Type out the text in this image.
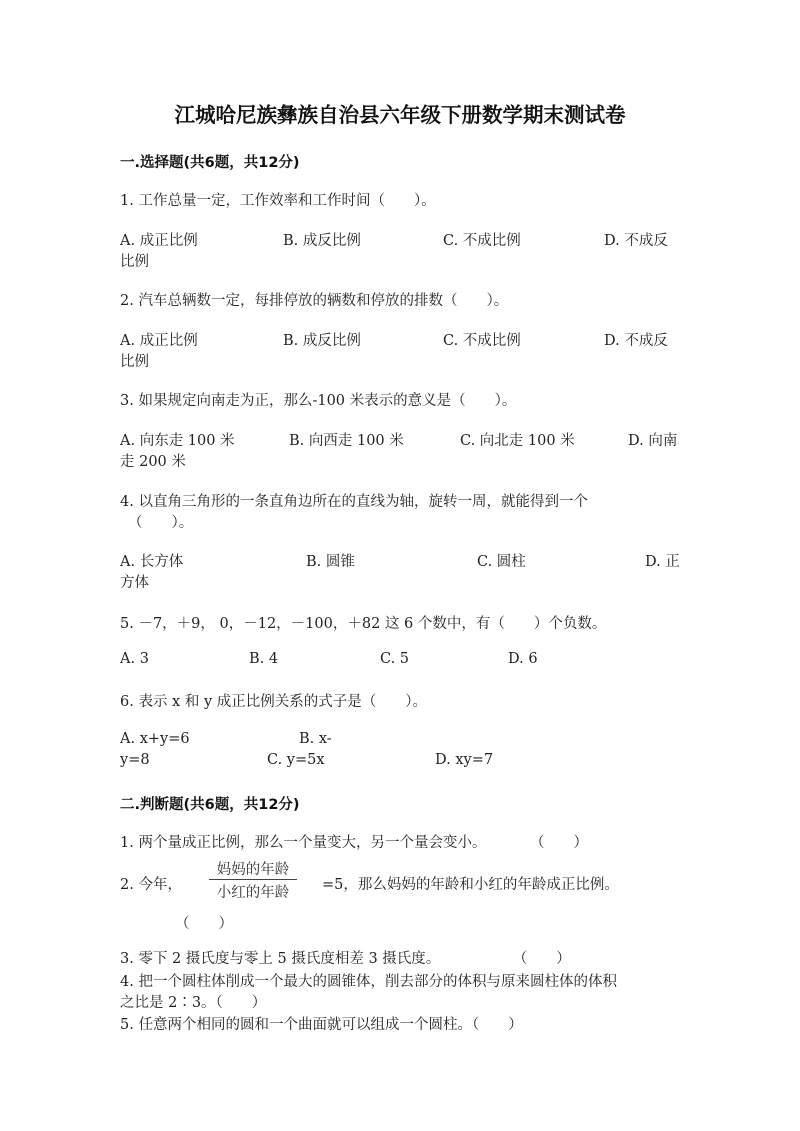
江城哈尼族彝族自治县六年级下册数学期末测试卷
一.选择题(共6题，共12分)
1. 工作总量一定，工作效率和工作时间（　　）。
A. 成正比例	B. 成反比例	C. 不成比例	D. 不成反
比例
2. 汽车总辆数一定，每排停放的辆数和停放的排数（　　）。
A. 成正比例	B. 成反比例	C. 不成比例	D. 不成反
比例
3. 如果规定向南走为正，那么-100 米表示的意义是（　　）。
A. 向东走 100 米	B. 向西走 100 米	C. 向北走 100 米	D. 向南
走 200 米
4. 以直角三角形的一条直角边所在的直线为轴，旋转一周，就能得到一个
（　　）。
A. 长方体	B. 圆锥	C. 圆柱	D. 正
方体
5. －7，＋9， 0，－12，－100，＋82 这 6 个数中，有（　　）个负数。
A. 3	B. 4	C. 5	D. 6
6. 表示 x 和 y 成正比例关系的式子是（　　）。
A. x+y=6	B. x-
y=8	C. y=5x	D. xy=7
二.判断题(共6题，共12分)
1. 两个量成正比例，那么一个量变大，另一个量会变小。　　　　（　　）
2. 今年，
妈妈的年龄
小红的年龄	=5，那么妈妈的年龄和小红的年龄成正比例。
（　　）
3. 零下 2 摄氏度与零上 5 摄氏度相差 3 摄氏度。　　　　　　（　　）
4. 把一个圆柱体削成一个最大的圆锥体，削去部分的体积与原来圆柱体的体积
之比是 2∶3。（　　）
5. 任意两个相同的圆和一个曲面就可以组成一个圆柱。（　　）
